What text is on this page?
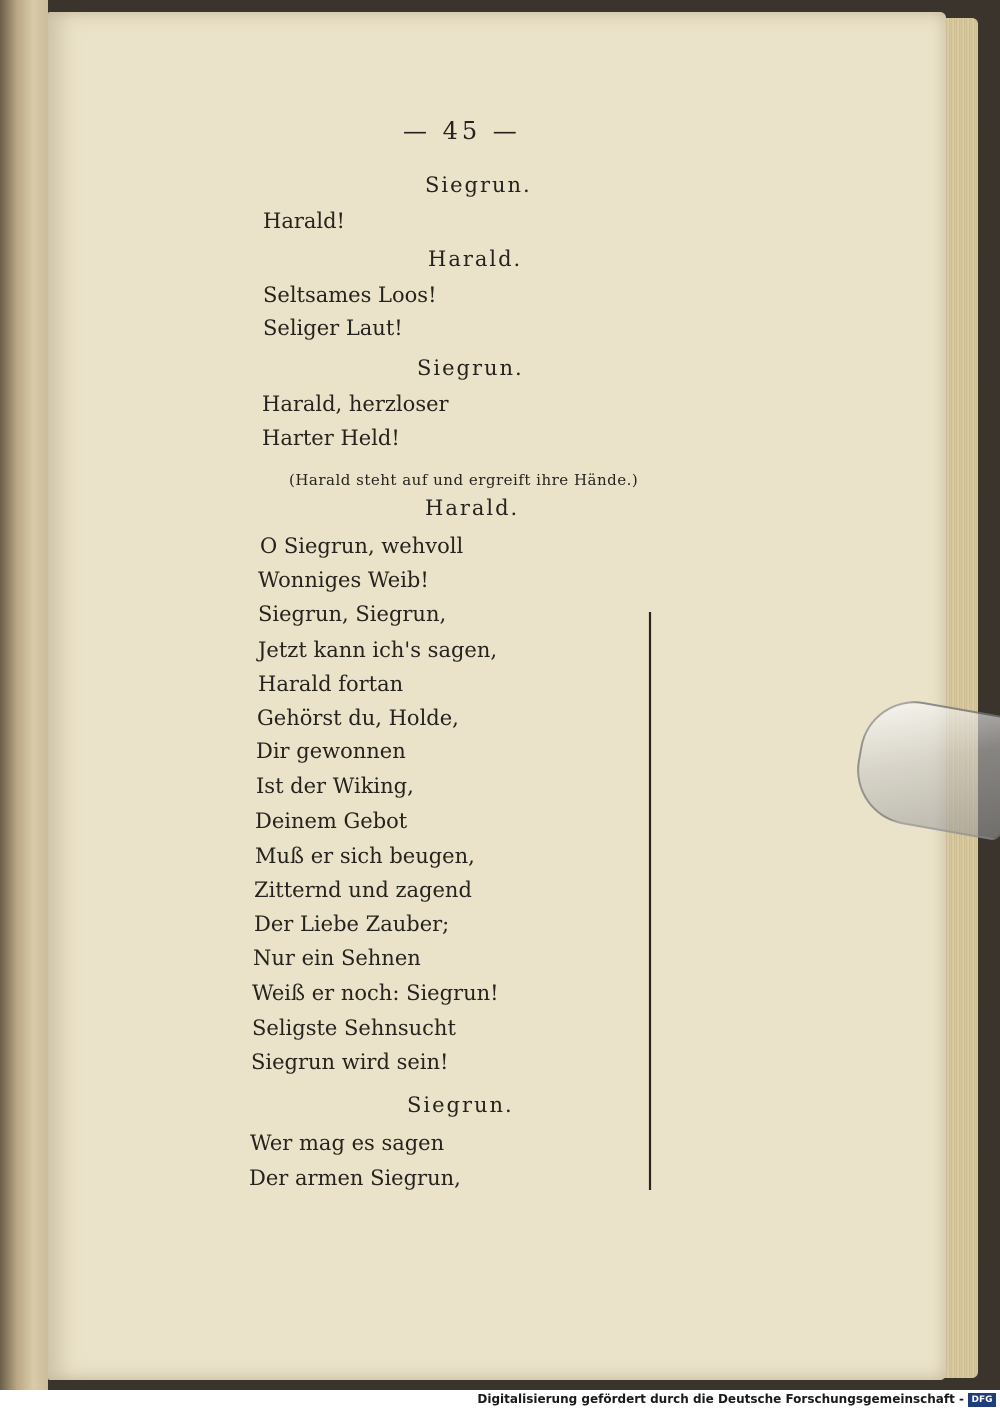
— 45 —
Siegrun.
Harald!
Harald.
Seltsames Loos!
Seliger Laut!
Siegrun.
Harald, herzloser
Harter Held!
(Harald steht auf und ergreift ihre Hände.)
Harald.
O Siegrun, wehvoll
Wonniges Weib!
Siegrun, Siegrun,
Jetzt kann ich's sagen,
Harald fortan
Gehörst du, Holde,
Dir gewonnen
Ist der Wiking,
Deinem Gebot
Muß er sich beugen,
Zitternd und zagend
Der Liebe Zauber;
Nur ein Sehnen
Weiß er noch: Siegrun!
Seligste Sehnsucht
Siegrun wird sein!
Siegrun.
Wer mag es sagen
Der armen Siegrun,
Digitalisierung gefördert durch die Deutsche Forschungsgemeinschaft - DFG
